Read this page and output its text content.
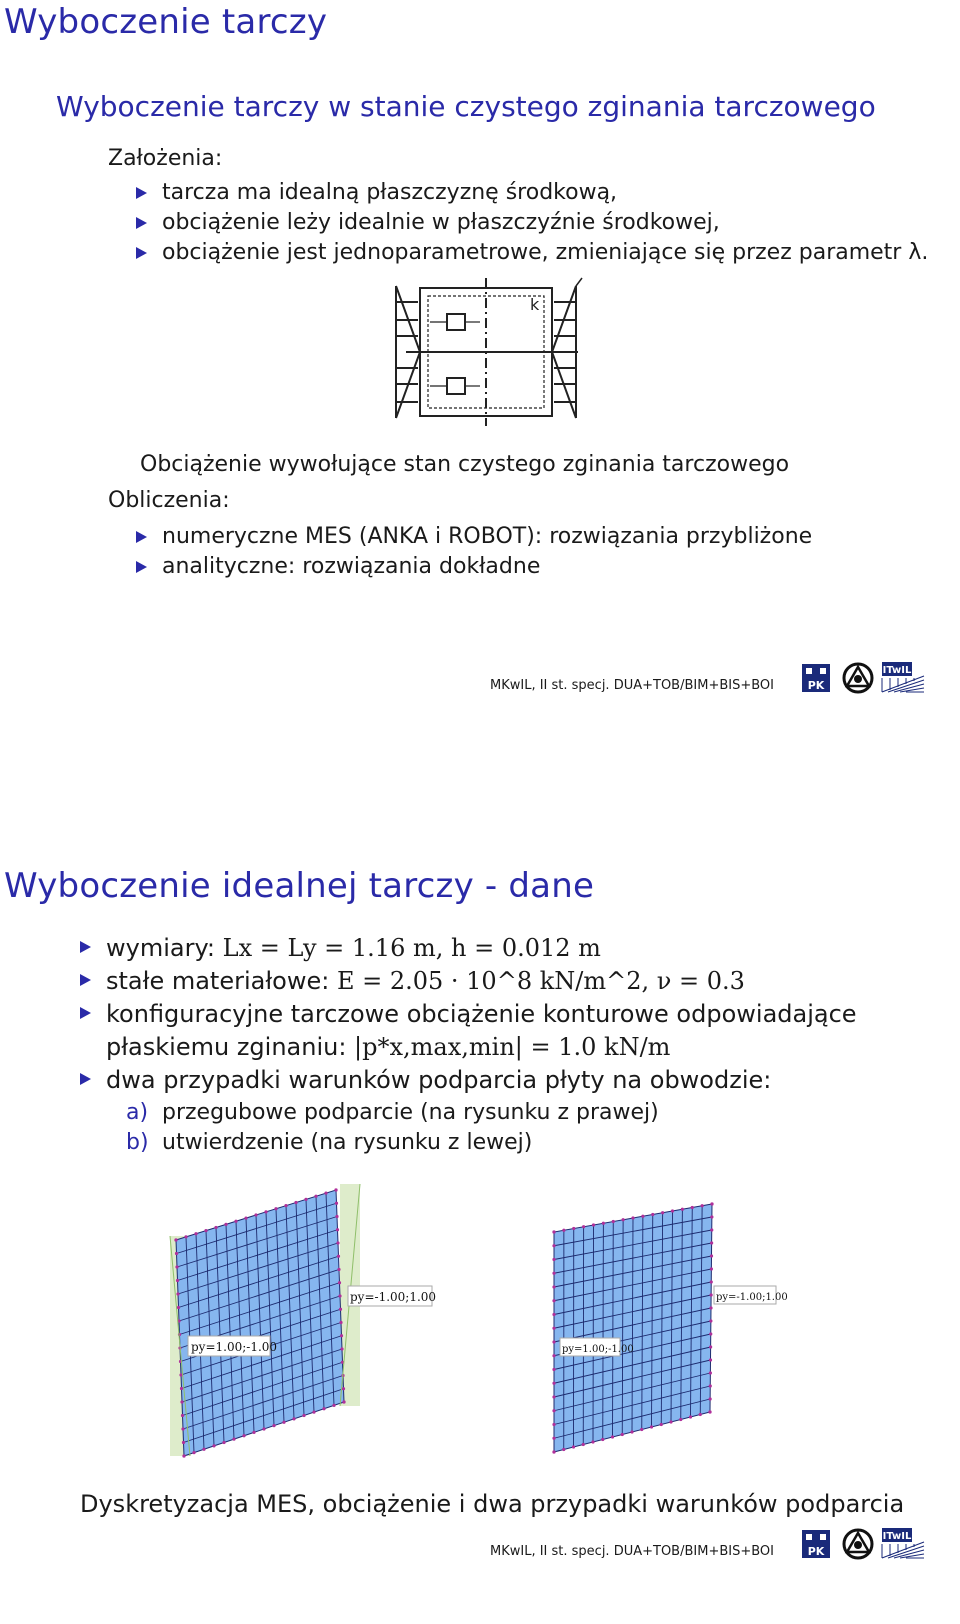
Wyboczenie tarczy
Wyboczenie tarczy w stanie czystego zginania tarczowego
Założenia:
tarcza ma idealną płaszczyznę środkową,
obciążenie leży idealnie w płaszczyźnie środkowej,
obciążenie jest jednoparametrowe, zmieniające się przez parametr λ.
k
Obciążenie wywołujące stan czystego zginania tarczowego
Obliczenia:
numeryczne MES (ANKA i ROBOT): rozwiązania przybliżone
analityczne: rozwiązania dokładne
MKwIL, II st. specj. DUA+TOB/BIM+BIS+BOI	PK
ITwIL
Wyboczenie idealnej tarczy - dane
wymiary: Lx = Ly = 1.16 m, h = 0.012 m
stałe materiałowe: E = 2.05 · 10^8 kN/m^2, ν = 0.3
konfiguracyjne tarczowe obciążenie konturowe odpowiadające
płaskiemu zginaniu: |p*x,max,min| = 1.0 kN/m
dwa przypadki warunków podparcia płyty na obwodzie:
a) przegubowe podparcie (na rysunku z prawej)
b) utwierdzenie (na rysunku z lewej)
py=-1.00;1.00
py=1.00;-1.00
py=-1.00;1.00
py=1.00;-1.00
Dyskretyzacja MES, obciążenie i dwa przypadki warunków podparcia
MKwIL, II st. specj. DUA+TOB/BIM+BIS+BOI	PK
ITwIL
